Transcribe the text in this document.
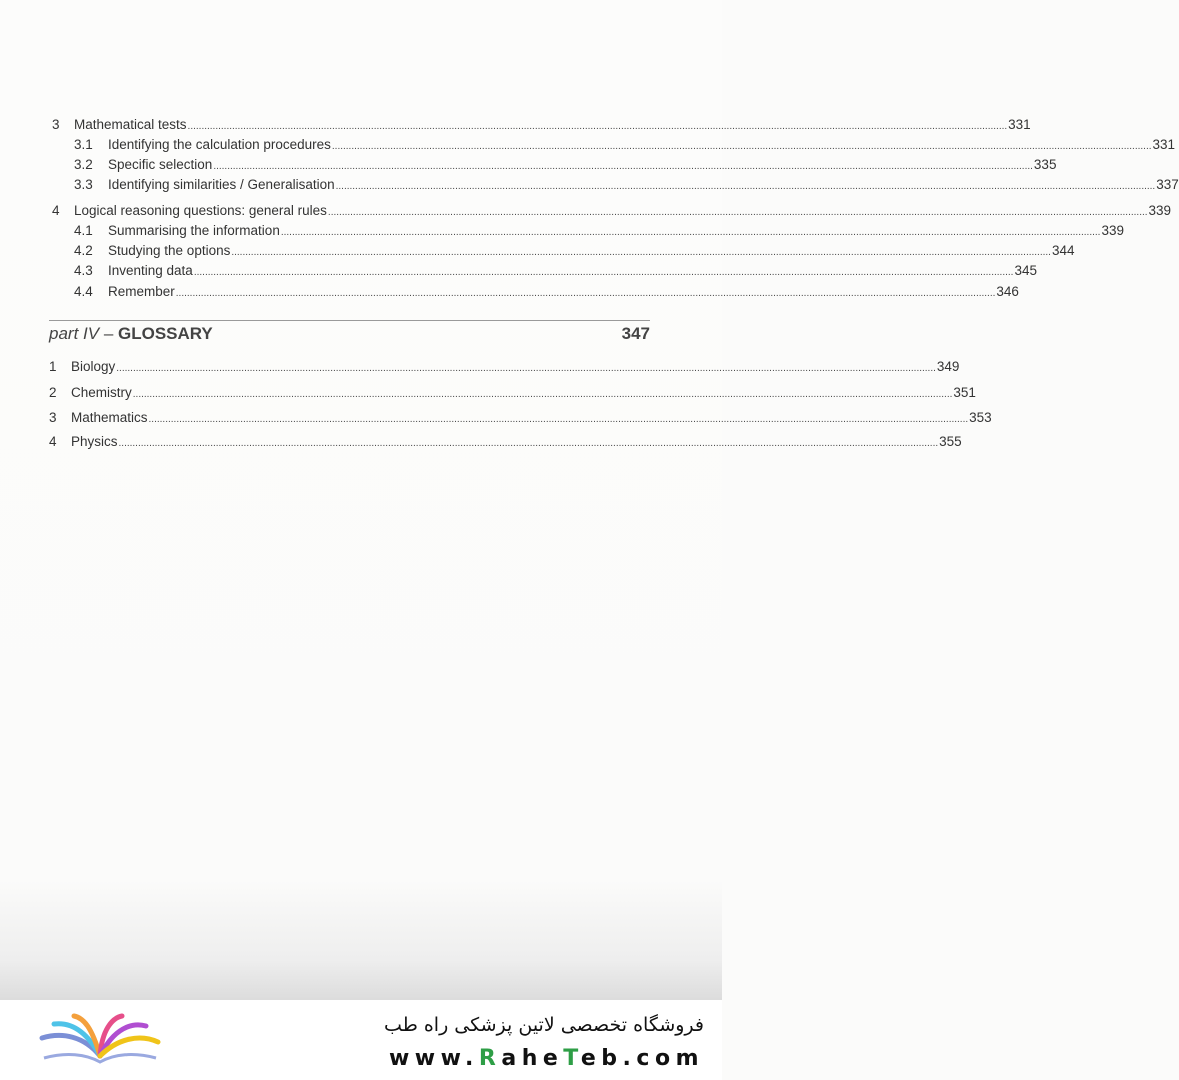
3	Mathematical tests ....................................................................................................................................................................................................................................................................................................... 331
3.1	Identifying the calculation procedures ....................................................................................................................................................................................................................................................................................................... 331
3.2	Specific selection ....................................................................................................................................................................................................................................................................................................... 335
3.3	Identifying similarities / Generalisation ....................................................................................................................................................................................................................................................................................................... 337
4	Logical reasoning questions: general rules ....................................................................................................................................................................................................................................................................................................... 339
4.1	Summarising the information ....................................................................................................................................................................................................................................................................................................... 339
4.2	Studying the options ....................................................................................................................................................................................................................................................................................................... 344
4.3	Inventing data ....................................................................................................................................................................................................................................................................................................... 345
4.4	Remember ....................................................................................................................................................................................................................................................................................................... 346
part IV – GLOSSARY	347
1	Biology ....................................................................................................................................................................................................................................................................................................... 349
2	Chemistry ....................................................................................................................................................................................................................................................................................................... 351
3	Mathematics ....................................................................................................................................................................................................................................................................................................... 353
4	Physics ....................................................................................................................................................................................................................................................................................................... 355
فروشگاه تخصصی لاتین پزشکی راه طب
www.RaheTeb.com
